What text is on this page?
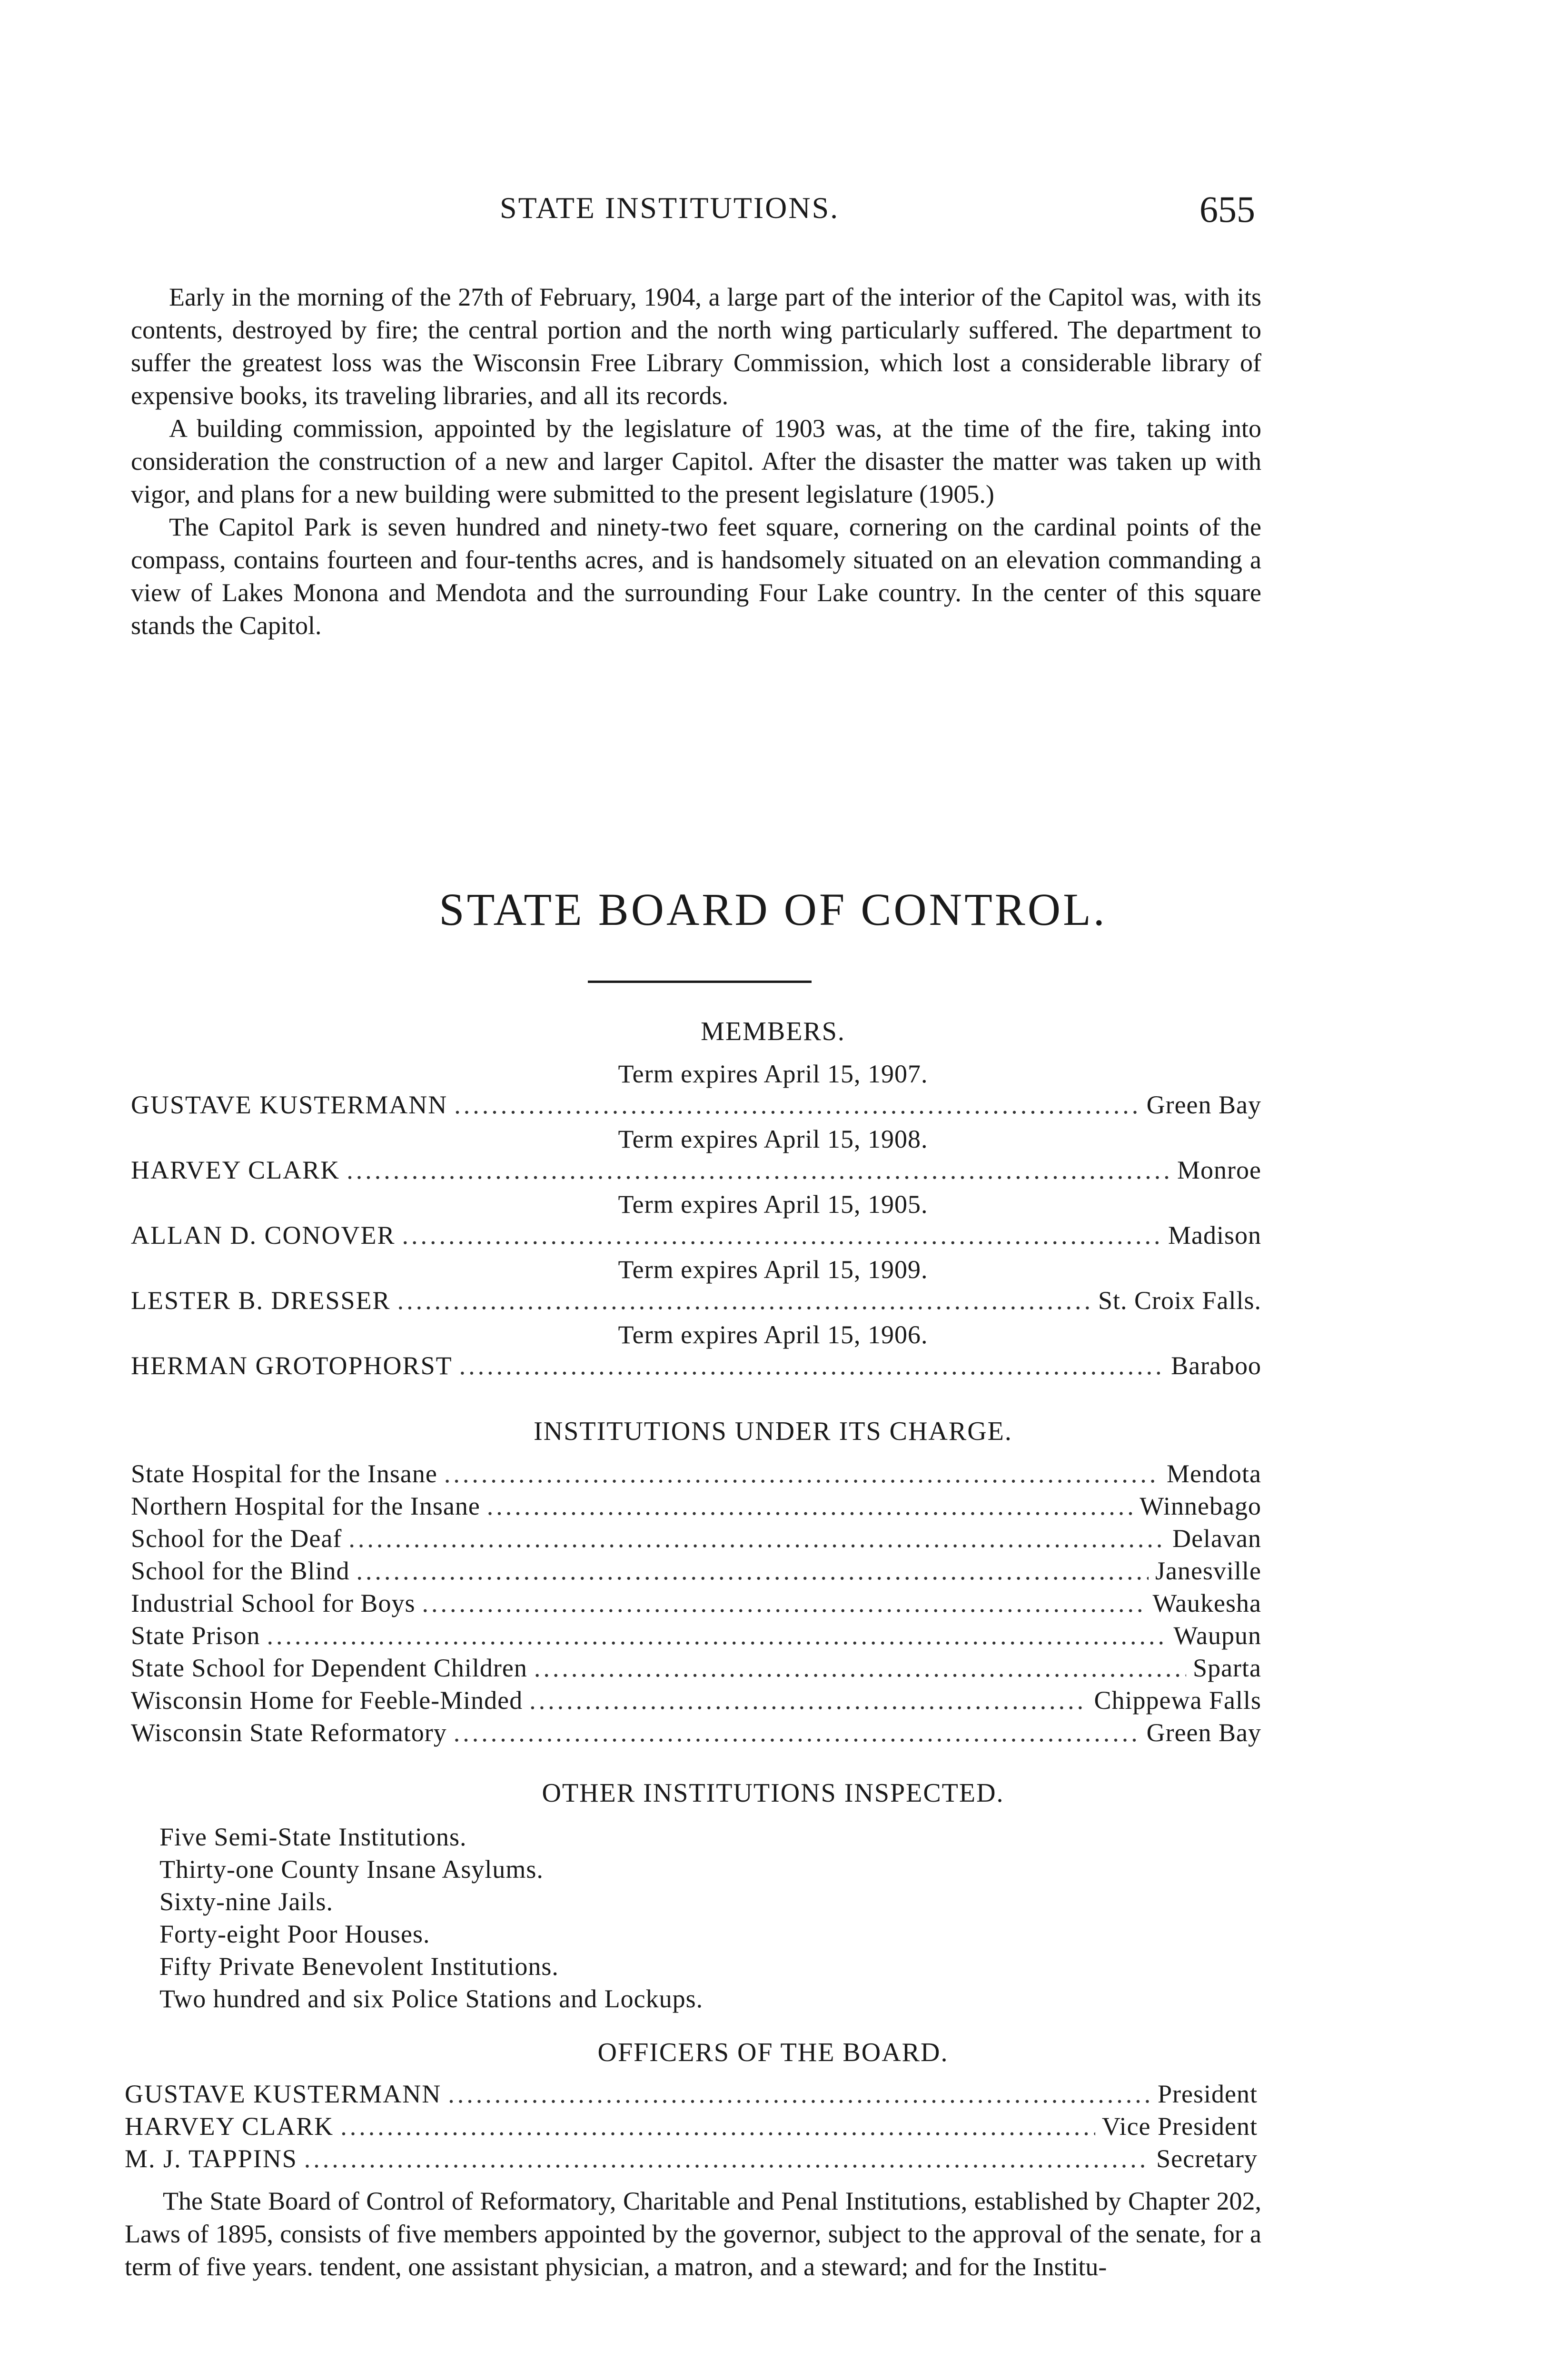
STATE INSTITUTIONS.	655

Early in the morning of the 27th of February, 1904, a large part of the interior of the Capitol was, with its contents, destroyed by fire; the central portion and the north wing particularly suffered. The department to suffer the greatest loss was the Wisconsin Free Library Commission, which lost a considerable library of expensive books, its traveling libraries, and all its records.

A building commission, appointed by the legislature of 1903 was, at the time of the fire, taking into consideration the construction of a new and larger Capitol. After the disaster the matter was taken up with vigor, and plans for a new building were submitted to the present legislature (1905.)

The Capitol Park is seven hundred and ninety-two feet square, cornering on the cardinal points of the compass, contains fourteen and four-tenths acres, and is handsomely situated on an elevation commanding a view of Lakes Monona and Mendota and the surrounding Four Lake country. In the center of this square stands the Capitol.

STATE BOARD OF CONTROL.
MEMBERS.
Term expires April 15, 1907.
GUSTAVE KUSTERMANN .....	Green Bay
Term expires April 15, 1908.
HARVEY CLARK .....	Monroe
Term expires April 15, 1905.
ALLAN D. CONOVER .....	Madison
Term expires April 15, 1909.
LESTER B. DRESSER .....	St. Croix Falls.
Term expires April 15, 1906.
HERMAN GROTOPHORST .....	Baraboo
INSTITUTIONS UNDER ITS CHARGE.
State Hospital for the Insane .....	Mendota
Northern Hospital for the Insane .....	Winnebago
School for the Deaf .....	Delavan
School for the Blind .....	Janesville
Industrial School for Boys .....	Waukesha
State Prison .....	Waupun
State School for Dependent Children .....	Sparta
Wisconsin Home for Feeble-Minded .....	Chippewa Falls
Wisconsin State Reformatory .....	Green Bay
OTHER INSTITUTIONS INSPECTED.
Five Semi-State Institutions.
Thirty-one County Insane Asylums.
Sixty-nine Jails.
Forty-eight Poor Houses.
Fifty Private Benevolent Institutions.
Two hundred and six Police Stations and Lockups.
OFFICERS OF THE BOARD.
GUSTAVE KUSTERMANN .....	President
HARVEY CLARK .....	Vice President
M. J. TAPPINS .....	Secretary

The State Board of Control of Reformatory, Charitable and Penal Institutions, established by Chapter 202, Laws of 1895, consists of five members appointed by the governor, subject to the approval of the senate, for a term of five years. tendent, one assistant physician, a matron, and a steward; and for the Institu-
